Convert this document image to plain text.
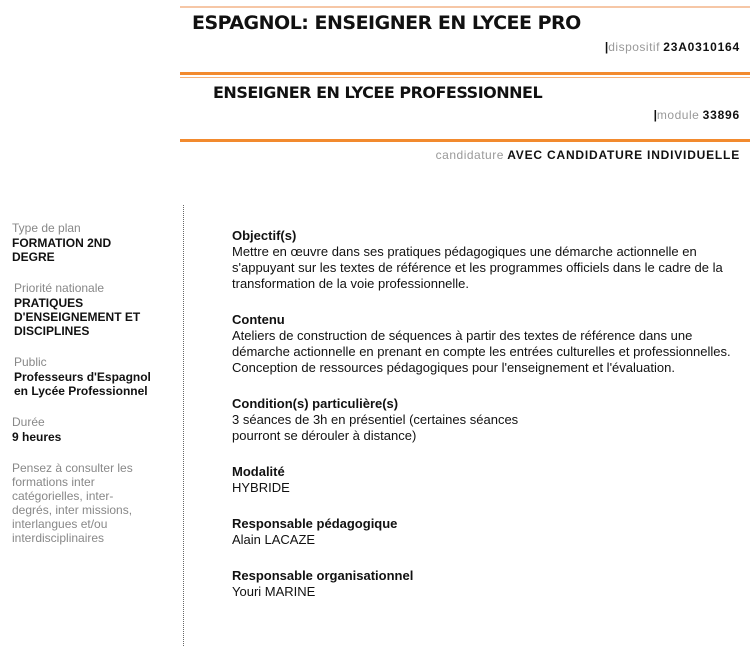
ESPAGNOL: ENSEIGNER EN LYCEE PRO
|dispositif 23A0310164
ENSEIGNER EN LYCEE PROFESSIONNEL
|module 33896
candidature AVEC CANDIDATURE INDIVIDUELLE
Type de plan
FORMATION 2ND DEGRE
Priorité nationale
PRATIQUES D'ENSEIGNEMENT ET DISCIPLINES
Public
Professeurs d'Espagnol en Lycée Professionnel
Durée
9 heures
Pensez à consulter les formations inter catégorielles, inter-degrés, inter missions, interlangues et/ou interdisciplinaires
Objectif(s)

Mettre en œuvre dans ses pratiques pédagogiques une démarche actionnelle en s'appuyant sur les textes de référence et les programmes officiels dans le cadre de la transformation de la voie professionnelle.

Contenu

Ateliers de construction de séquences à partir des textes de référence dans une démarche actionnelle en prenant en compte les entrées culturelles et professionnelles. Conception de ressources pédagogiques pour l'enseignement et l'évaluation.

Condition(s) particulière(s)

3 séances de 3h en présentiel (certaines séances
pourront se dérouler à distance)

Modalité

HYBRIDE

Responsable pédagogique

Alain LACAZE

Responsable organisationnel

Youri MARINE
